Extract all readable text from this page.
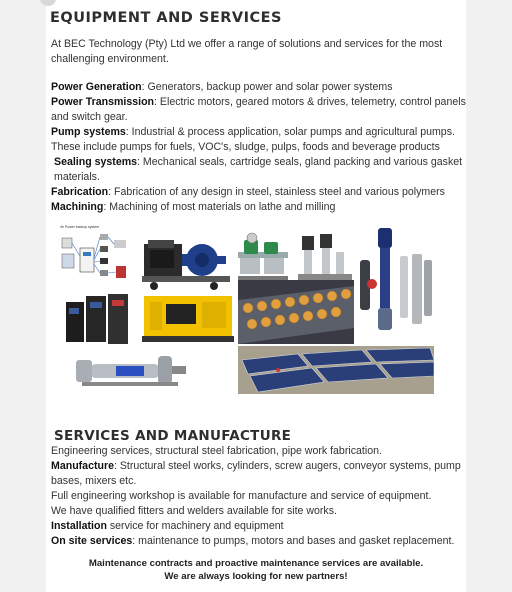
EQUIPMENT AND SERVICES
At BEC Technology (Pty) Ltd we offer a range of solutions and services for the most challenging environment.

Power Generation: Generators, backup power and solar power systems

Power Transmission: Electric motors, geared motors & drives, telemetry, control panels and switch gear.

Pump systems: Industrial & process application, solar pumps and agricultural pumps. These include pumps for fuels, VOC's, sludge, pulps, foods and beverage products

Sealing systems: Mechanical seals, cartridge seals, gland packing and various gasket materials.

Fabrication: Fabrication of any design in steel, stainless steel and various polymers

Machining: Machining of most materials on lathe and milling

4e Power backup system
SERVICES AND MANUFACTURE

Engineering services, structural steel fabrication, pipe work fabrication.

Manufacture: Structural steel works, cylinders, screw augers, conveyor systems, pump bases, mixers etc.

Full engineering workshop is available for manufacture and service of equipment.

We have qualified fitters and welders available for site works.

Installation service for machinery and equipment

On site services: maintenance to pumps, motors and bases and gasket replacement.

Maintenance contracts and proactive maintenance services are available.
We are always looking for new partners!
